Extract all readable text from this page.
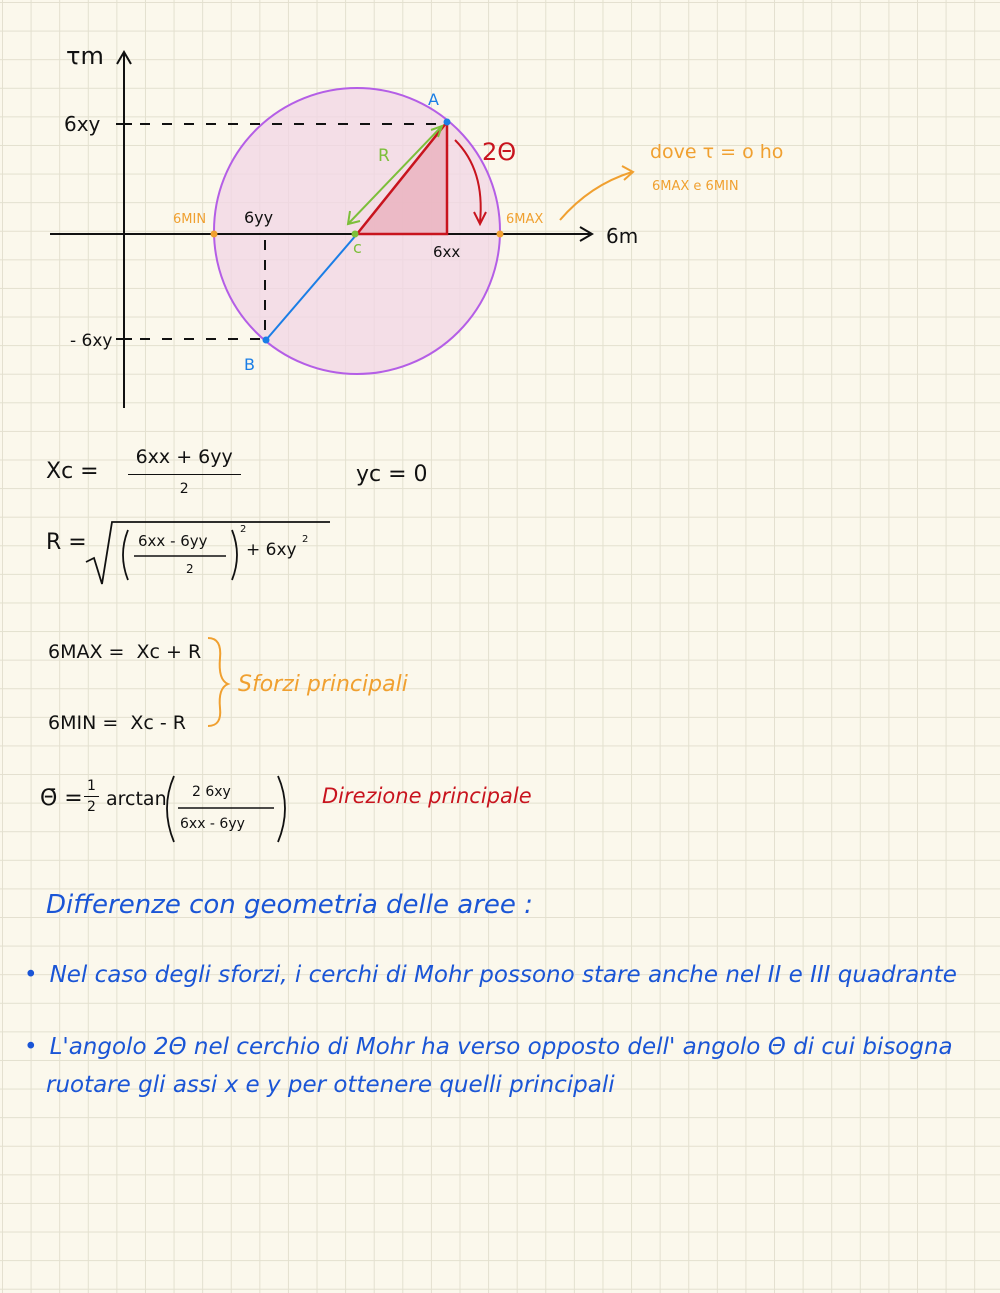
τm
6m
6xy
- 6xy
6MIN 6yy
6xx
6MAX
A
B
c
R	2Θ	dove τ = o ho
6MAX e 6MIN
$Xc = \frac{6xx + 6yy}{2}$	yc = 0
R =	6xx - 6yy
2
2
+ 6xy
2
6MAX =  Xc + R
6MIN =  Xc - R
Sforzi principali
Θ̄ = $\frac{1}{2}$ arctan 2 6xy
6xx - 6yy
Direzione principale
Differenze con geometria delle aree :
• Nel caso degli sforzi, i cerchi di Mohr possono stare anche nel II e III quadrante
• L'angolo 2Θ nel cerchio di Mohr ha verso opposto dell' angolo Θ di cui bisogna
ruotare gli assi x e y per ottenere quelli principali
